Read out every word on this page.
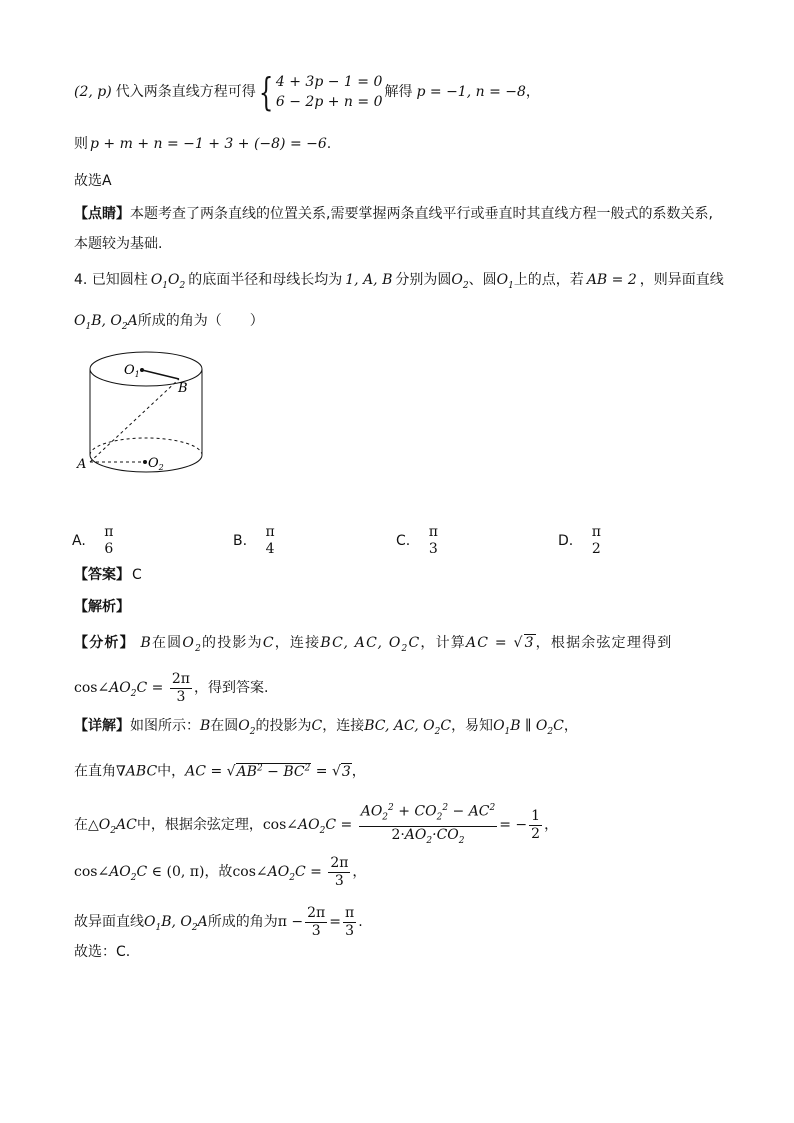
(2, p) 代入两条直线方程可得{ 4 + 3p − 1 = 0
6 − 2p + n = 0
解得 p = −1, n = −8，
则 p + m + n = −1 + 3 + (−8) = −6.
故选A
【点睛】本题考查了两条直线的位置关系,需要掌握两条直线平行或垂直时其直线方程一般式的系数关系,
本题较为基础.
4. 已知圆柱 $O_1O_2$ 的底面半径和母线长均为 1, A, B 分别为圆$O_2$、圆$O_1$上的点，若 AB = 2 ，则异面直线
$O_1B$, $O_2A$所成的角为（　　）
$O_1$
B
A	$O_2$
A.
π
6	B.
π
4	C.
π
3	D.
π
2
【答案】 C
【解析】
【分析】 B在圆$O_2$的投影为C，连接BC, AC, $O_2C$，计算AC = √3，根据余弦定理得到
$\cos\angle AO_2C = \frac{2\pi}{3}$ ，得到答案.
【详解】如图所示：B在圆$O_2$的投影为C，连接BC, AC, $O_2C$，易知$O_1B$ ∥ $O_2C$，
在直角∇ABC中，AC = $√AB^2 - BC^2 = √3$，
在$\triangle O_2AC$中，根据余弦定理，$\cos\angle AO_2C = \frac{AO_2^2 + CO_2^2 - AC^2}{2\cdot AO_2\cdot CO_2}$ = − $\frac{1}{2}$ ，
$\cos\angle AO_2C$ ∈ (0, π)，故$\cos\angle AO_2C = \frac{2\pi}{3}$ ，
故异面直线$O_1B$, $O_2A$所成的角为$\pi - \frac{2\pi}{3} = \frac{\pi}{3}$ .
故选：C.
